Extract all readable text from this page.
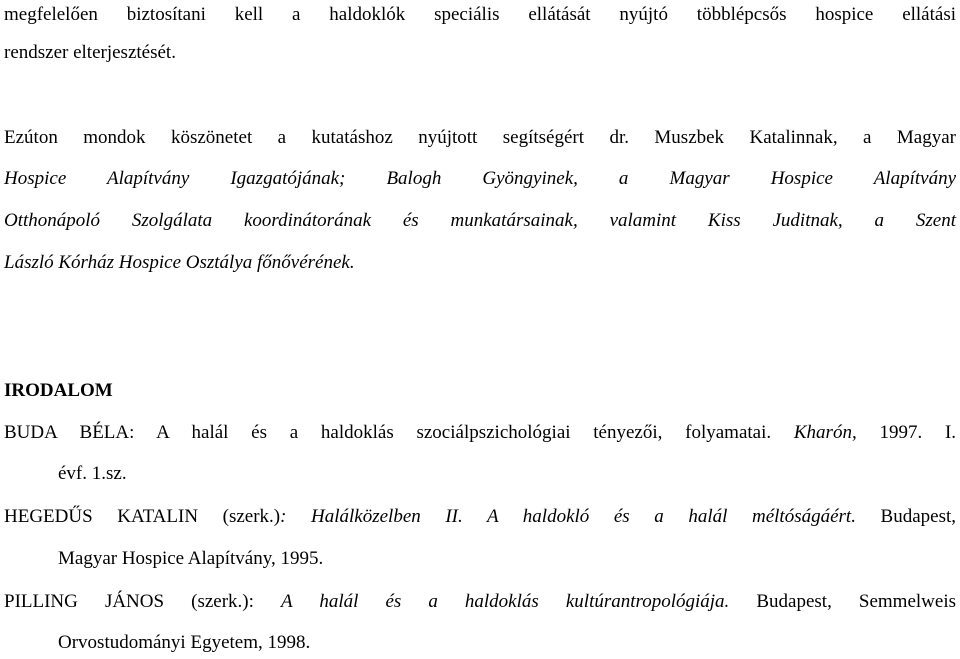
megfelelően biztosítani kell a haldoklók speciális ellátását nyújtó többlépcsős hospice ellátási
rendszer elterjesztését.
Ezúton mondok köszönetet a kutatáshoz nyújtott segítségért dr. Muszbek Katalinnak, a Magyar
Hospice Alapítvány Igazgatójának; Balogh Gyöngyinek, a Magyar Hospice Alapítvány
Otthonápoló Szolgálata koordinátorának és munkatársainak, valamint Kiss Juditnak, a Szent
László Kórház Hospice Osztálya főnővérének.
IRODALOM
BUDA BÉLA: A halál és a haldoklás szociálpszichológiai tényezői, folyamatai. Kharón, 1997. I.
évf. 1.sz.
HEGEDŰS KATALIN (szerk.): Halálközelben II. A haldokló és a halál méltóságáért. Budapest,
Magyar Hospice Alapítvány, 1995.
PILLING JÁNOS (szerk.): A halál és a haldoklás kultúrantropológiája. Budapest, Semmelweis
Orvostudományi Egyetem, 1998.
